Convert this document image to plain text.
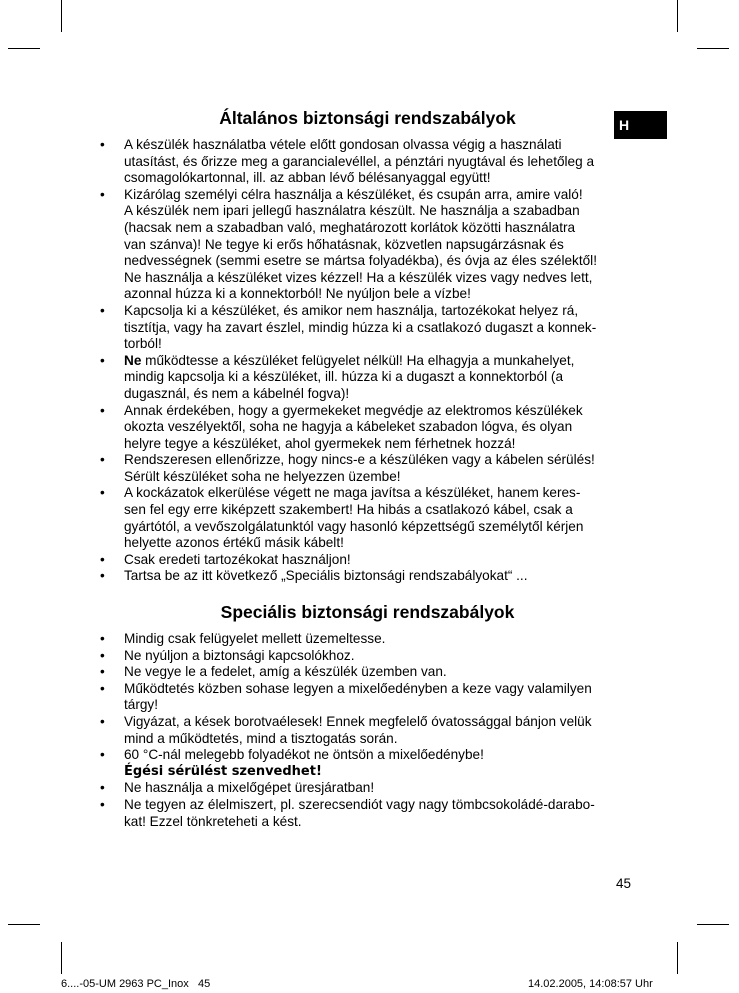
H
Általános biztonsági rendszabályok
• A készülék használatba vétele előtt gondosan olvassa végig a használati
utasítást, és őrizze meg a garancialevéllel, a pénztári nyugtával és lehetőleg a
csomagolókartonnal, ill. az abban lévő bélésanyaggal együtt!
• Kizárólag személyi célra használja a készüléket, és csupán arra, amire való!
A készülék nem ipari jellegű használatra készült. Ne használja a szabadban
(hacsak nem a szabadban való, meghatározott korlátok közötti használatra
van szánva)! Ne tegye ki erős hőhatásnak, közvetlen napsugárzásnak és
nedvességnek (semmi esetre se mártsa folyadékba), és óvja az éles szélektől!
Ne használja a készüléket vizes kézzel! Ha a készülék vizes vagy nedves lett,
azonnal húzza ki a konnektorból! Ne nyúljon bele a vízbe!
• Kapcsolja ki a készüléket, és amikor nem használja, tartozékokat helyez rá,
tisztítja, vagy ha zavart észlel, mindig húzza ki a csatlakozó dugaszt a konnek-
torból!
• Ne működtesse a készüléket felügyelet nélkül! Ha elhagyja a munkahelyet,
mindig kapcsolja ki a készüléket, ill. húzza ki a dugaszt a konnektorból (a
dugasznál, és nem a kábelnél fogva)!
• Annak érdekében, hogy a gyermekeket megvédje az elektromos készülékek
okozta veszélyektől, soha ne hagyja a kábeleket szabadon lógva, és olyan
helyre tegye a készüléket, ahol gyermekek nem férhetnek hozzá!
• Rendszeresen ellenőrizze, hogy nincs-e a készüléken vagy a kábelen sérülés!
Sérült készüléket soha ne helyezzen üzembe!
• A kockázatok elkerülése végett ne maga javítsa a készüléket, hanem keres-
sen fel egy erre kiképzett szakembert! Ha hibás a csatlakozó kábel, csak a
gyártótól, a vevőszolgálatunktól vagy hasonló képzettségű személytől kérjen
helyette azonos értékű másik kábelt!
• Csak eredeti tartozékokat használjon!
• Tartsa be az itt következő „Speciális biztonsági rendszabályokat“ ...
Speciális biztonsági rendszabályok
• Mindig csak felügyelet mellett üzemeltesse.
• Ne nyúljon a biztonsági kapcsolókhoz.
• Ne vegye le a fedelet, amíg a készülék üzemben van.
• Működtetés közben sohase legyen a mixelőedényben a keze vagy valamilyen
tárgy!
• Vigyázat, a kések borotvaélesek! Ennek megfelelő óvatossággal bánjon velük
mind a működtetés, mind a tisztogatás során.
• 60 °C-nál melegebb folyadékot ne öntsön a mixelőedénybe!
Égési sérülést szenvedhet!
• Ne használja a mixelőgépet üresjáratban!
• Ne tegyen az élelmiszert, pl. szerecsendiót vagy nagy tömbcsokoládé-darabo-
kat! Ezzel tönkreteheti a kést.
45
6....-05-UM 2963 PC_Inox   45	14.02.2005, 14:08:57 Uhr
